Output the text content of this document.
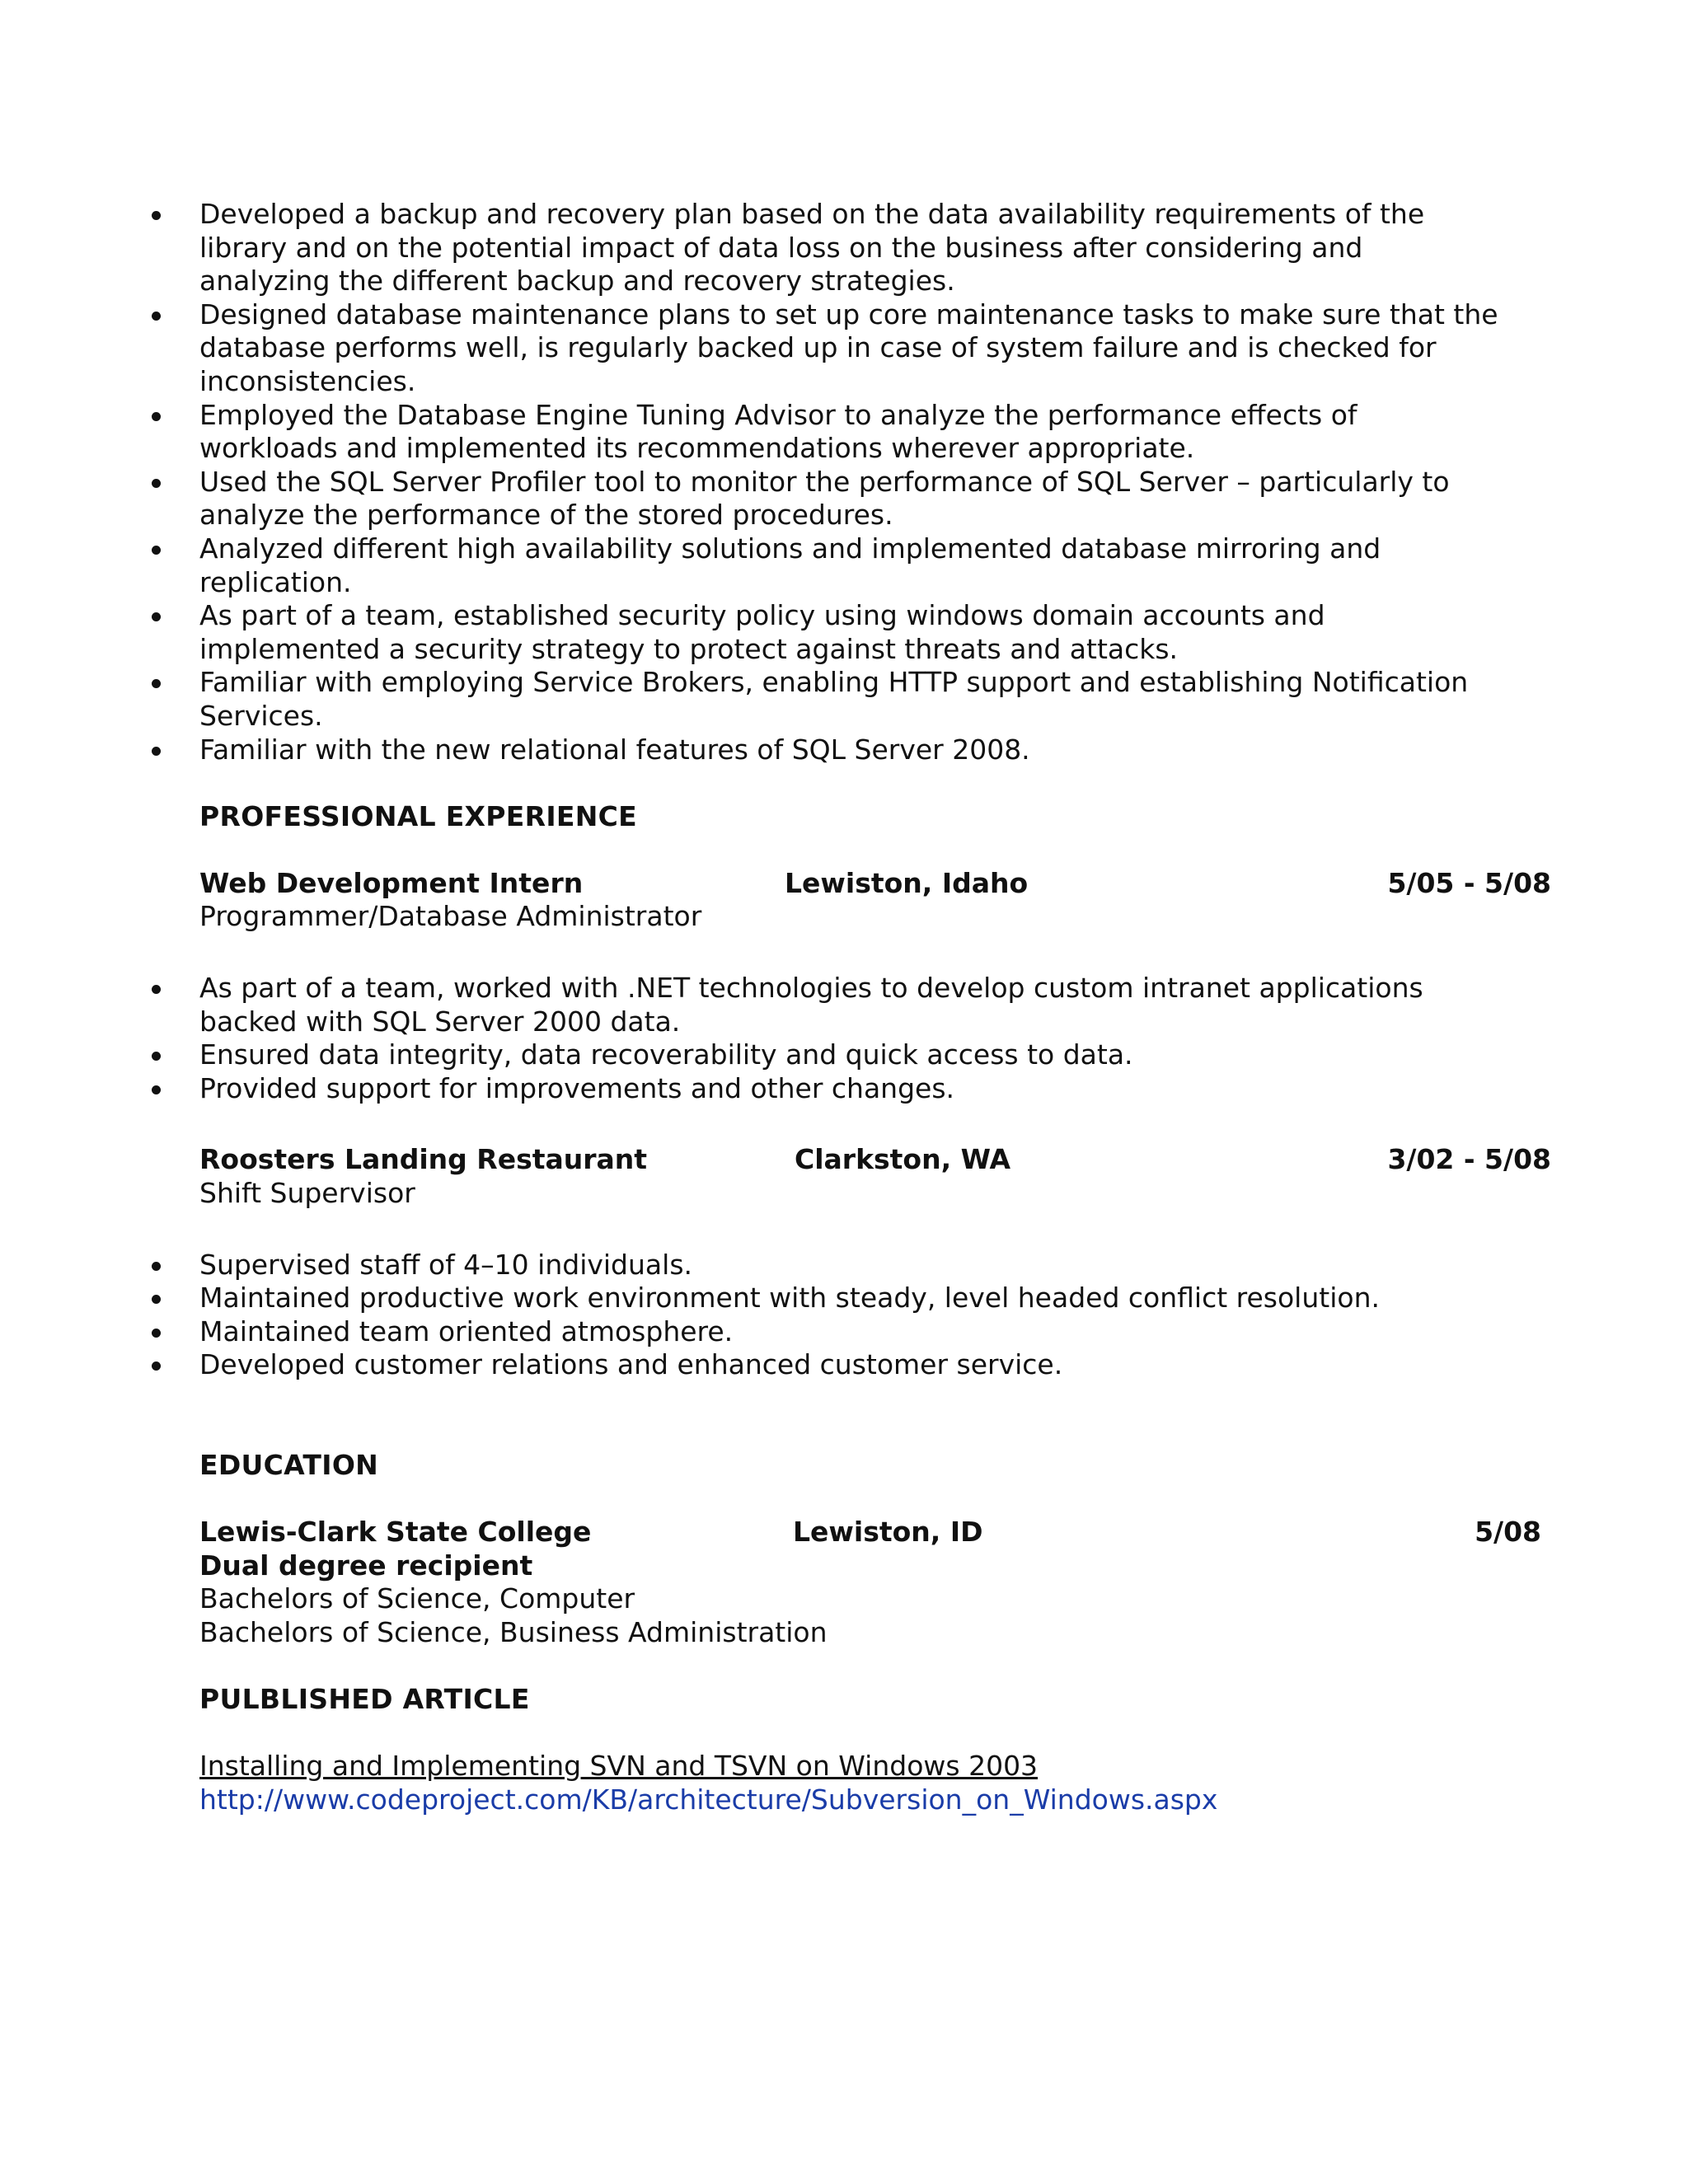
Developed a backup and recovery plan based on the data availability requirements of the library and on the potential impact of data loss on the business after considering and analyzing the different backup and recovery strategies.
Designed database maintenance plans to set up core maintenance tasks to make sure that the database performs well, is regularly backed up in case of system failure and is checked for inconsistencies.
Employed the Database Engine Tuning Advisor to analyze the performance effects of workloads and implemented its recommendations wherever appropriate.
Used the SQL Server Profiler tool to monitor the performance of SQL Server – particularly to analyze the performance of the stored procedures.
Analyzed different high availability solutions and implemented database mirroring and replication.
As part of a team, established security policy using windows domain accounts and implemented a security strategy to protect against threats and attacks.
Familiar with employing Service Brokers, enabling HTTP support and establishing Notification Services.
Familiar with the new relational features of SQL Server 2008.
PROFESSIONAL EXPERIENCE
Web Development Intern	Lewiston, Idaho	5/05 - 5/08
Programmer/Database Administrator
As part of a team, worked with .NET technologies to develop custom intranet applications backed with SQL Server 2000 data.
Ensured data integrity, data recoverability and quick access to data.
Provided support for improvements and other changes.
Roosters Landing Restaurant	Clarkston, WA	3/02 - 5/08
Shift Supervisor
Supervised staff of 4–10 individuals.
Maintained productive work environment with steady, level headed conflict resolution.
Maintained team oriented atmosphere.
Developed customer relations and enhanced customer service.
EDUCATION
Lewis-Clark State College	Lewiston, ID	5/08
Dual degree recipient
Bachelors of Science, Computer
Bachelors of Science, Business Administration
PULBLISHED ARTICLE
Installing and Implementing SVN and TSVN on Windows 2003
http://www.codeproject.com/KB/architecture/Subversion_on_Windows.aspx
